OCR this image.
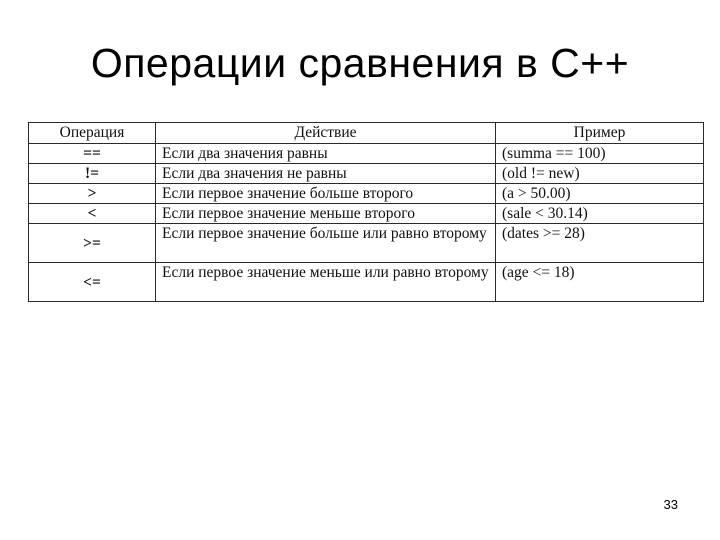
Операции сравнения в С++
Операция	Действие	Пример
==	Если два значения равны	(summa == 100)
!=	Если два значения не равны	(old != new)
>	Если первое значение больше второго	(a > 50.00)
<	Если первое значение меньше второго	(sale < 30.14)
>=	Если первое значение больше или равно второму	(dates >= 28)
<=	Если первое значение меньше или равно второму	(age <= 18)
33
